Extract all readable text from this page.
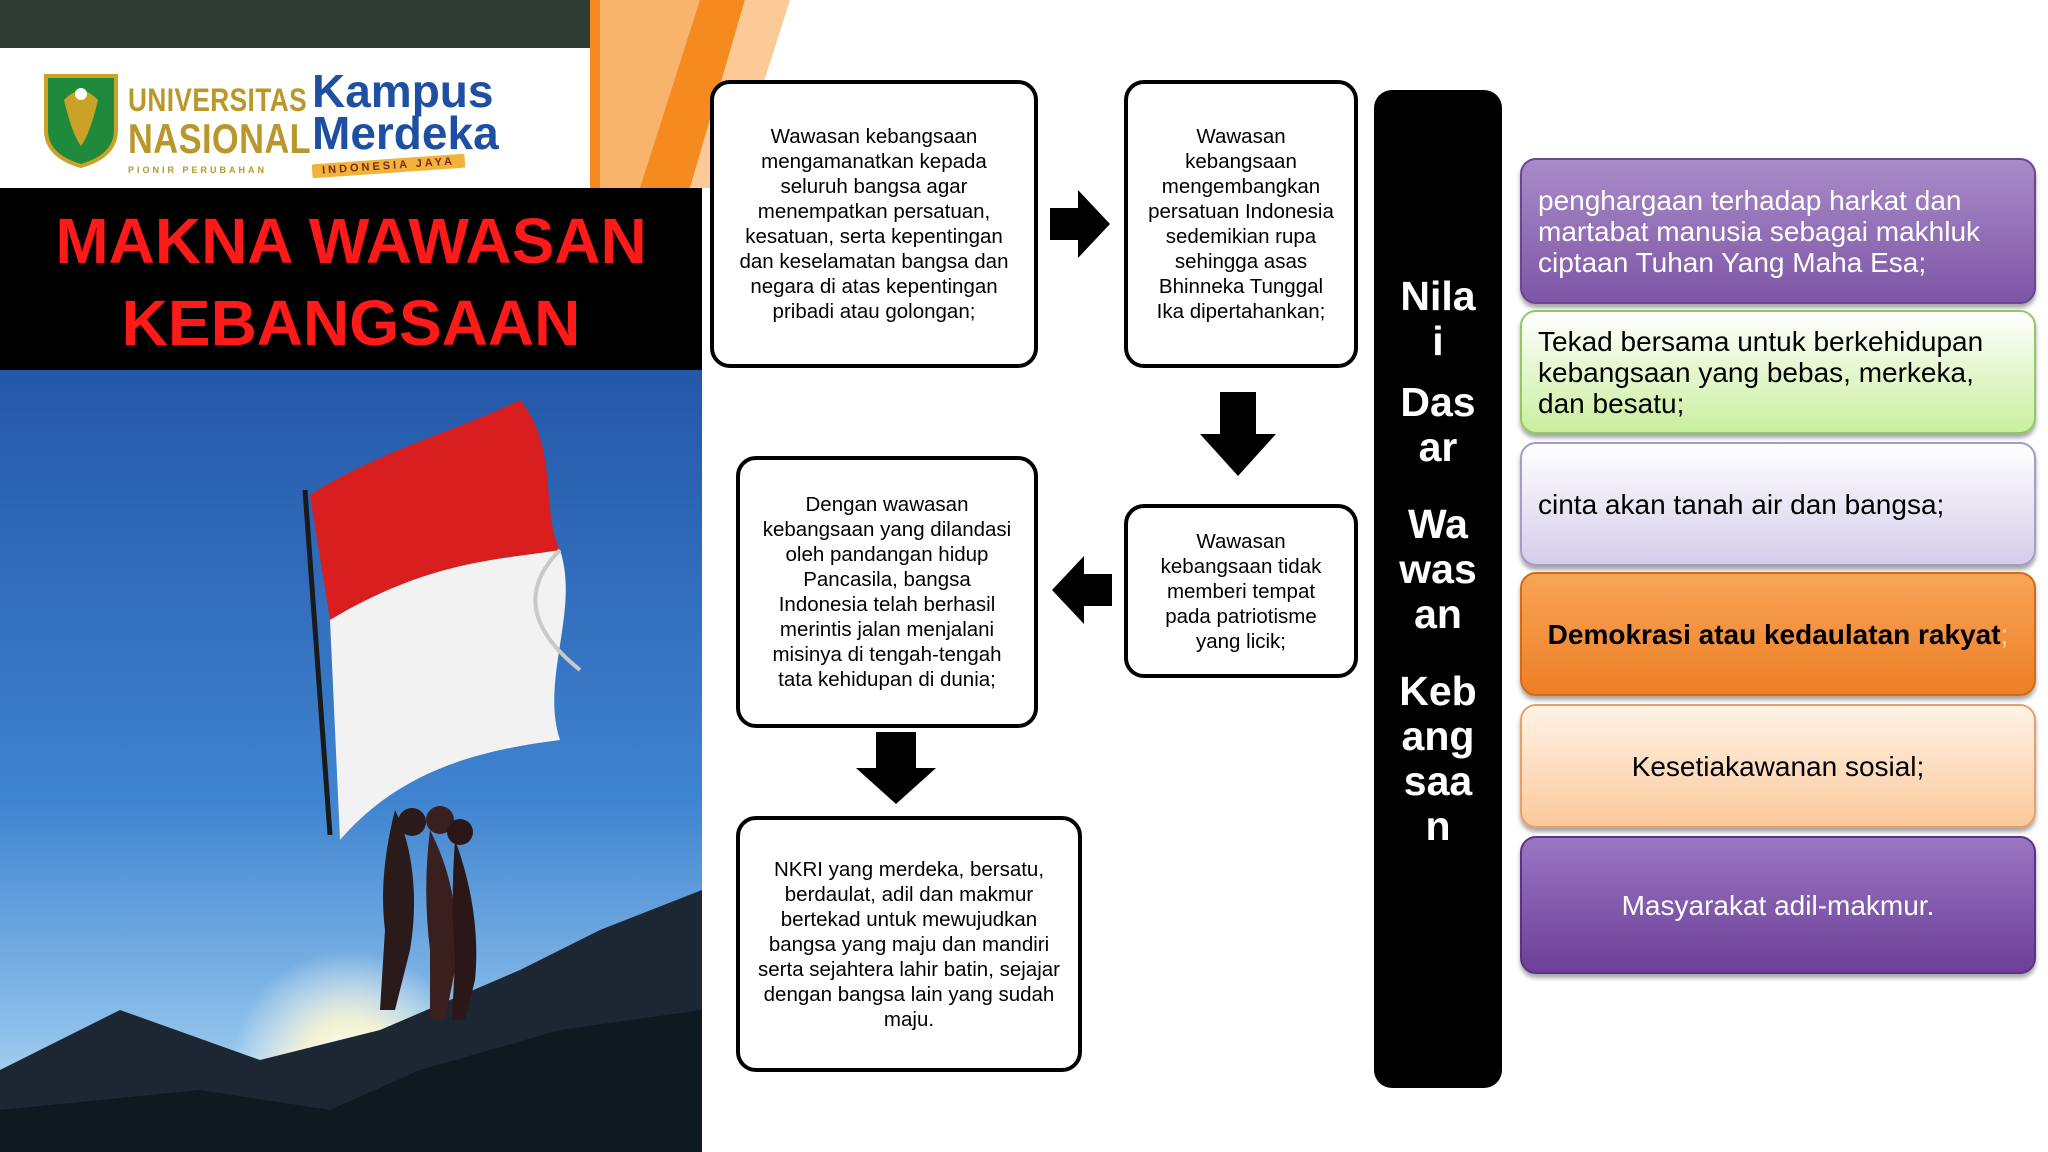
UNIVERSITAS
NASIONAL
PIONIR PERUBAHAN
Kampus
Merdeka
INDONESIA JAYA
MAKNA WAWASAN
KEBANGSAAN
Wawasan kebangsaan mengamanatkan kepada seluruh bangsa agar menempatkan persatuan, kesatuan, serta kepentingan dan keselamatan bangsa dan negara di atas kepentingan pribadi atau golongan;
Wawasan kebangsaan mengembangkan persatuan Indonesia sedemikian rupa sehingga asas Bhinneka Tunggal Ika dipertahankan;
Wawasan kebangsaan tidak memberi tempat pada patriotisme yang licik;
Dengan wawasan kebangsaan yang dilandasi oleh pandangan hidup Pancasila, bangsa Indonesia telah berhasil merintis jalan menjalani misinya di tengah-tengah tata kehidupan di dunia;
NKRI yang merdeka, bersatu, berdaulat, adil dan makmur bertekad untuk mewujudkan bangsa yang maju dan mandiri serta sejahtera lahir batin, sejajar dengan bangsa lain yang sudah maju.
Nila
i
Das
ar
Wa
was
an
Keb
ang
saa
n
penghargaan terhadap harkat dan martabat manusia sebagai makhluk ciptaan Tuhan Yang Maha Esa;
Tekad bersama untuk berkehidupan kebangsaan yang bebas, merkeka, dan besatu;
cinta akan tanah air dan bangsa;
Demokrasi atau kedaulatan rakyat;
Kesetiakawanan sosial;
Masyarakat adil-makmur.
